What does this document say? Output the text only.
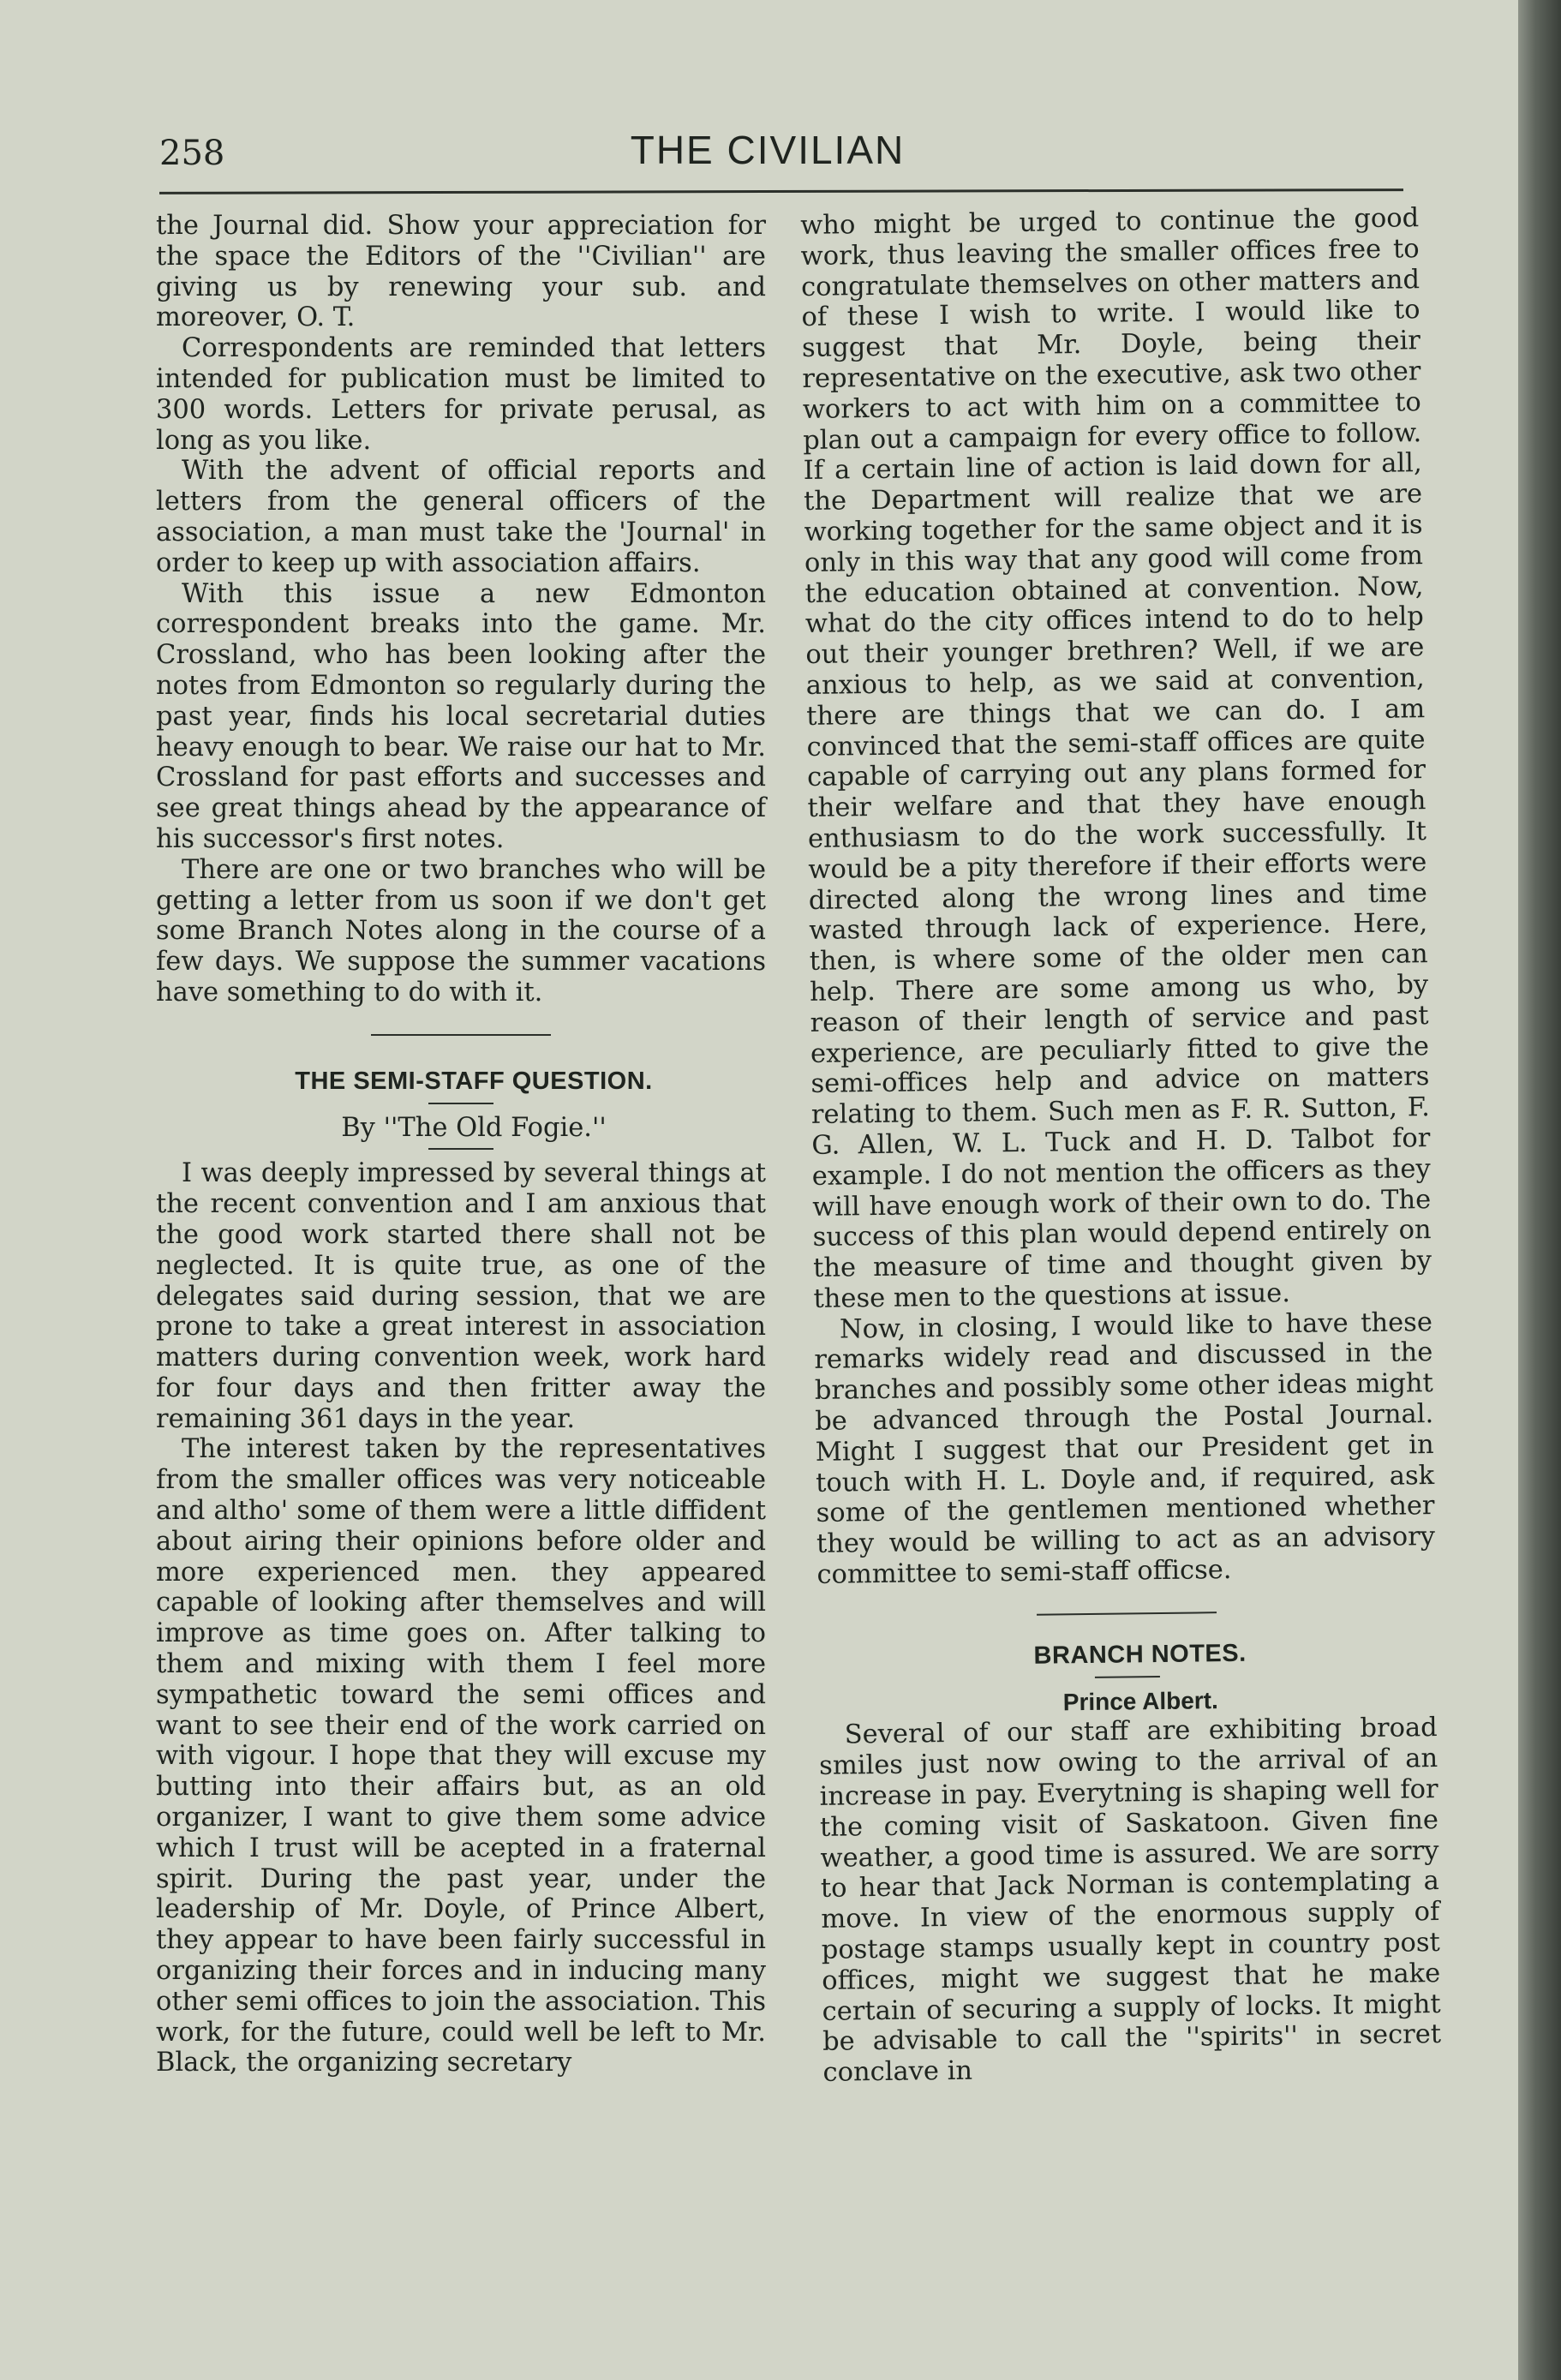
258	THE CIVILIAN

the Journal did. Show your appreciation for the space the Editors of the ''Civilian'' are giving us by renewing your sub. and moreover, O. T.

Correspondents are reminded that letters intended for publication must be limited to 300 words. Letters for private perusal, as long as you like.

With the advent of official reports and letters from the general officers of the association, a man must take the 'Journal' in order to keep up with association affairs.

With this issue a new Edmonton correspondent breaks into the game. Mr. Crossland, who has been looking after the notes from Edmonton so regularly during the past year, finds his local secretarial duties heavy enough to bear. We raise our hat to Mr. Crossland for past efforts and successes and see great things ahead by the appearance of his successor's first notes.

There are one or two branches who will be getting a letter from us soon if we don't get some Branch Notes along in the course of a few days. We suppose the summer vacations have something to do with it.

THE SEMI-STAFF QUESTION.

By ''The Old Fogie.''

I was deeply impressed by several things at the recent convention and I am anxious that the good work started there shall not be neglected. It is quite true, as one of the delegates said during session, that we are prone to take a great interest in association matters during convention week, work hard for four days and then fritter away the remaining 361 days in the year.

The interest taken by the representatives from the smaller offices was very noticeable and altho' some of them were a little diffident about airing their opinions before older and more experienced men. they appeared capable of looking after themselves and will improve as time goes on. After talking to them and mixing with them I feel more sympathetic toward the semi offices and want to see their end of the work carried on with vigour. I hope that they will excuse my butting into their affairs but, as an old organizer, I want to give them some advice which I trust will be acepted in a fraternal spirit. During the past year, under the leadership of Mr. Doyle, of Prince Albert, they appear to have been fairly successful in organizing their forces and in inducing many other semi offices to join the association. This work, for the future, could well be left to Mr. Black, the organizing secretary

who might be urged to continue the good work, thus leaving the smaller offices free to congratulate themselves on other matters and of these I wish to write. I would like to suggest that Mr. Doyle, being their representative on the executive, ask two other workers to act with him on a committee to plan out a campaign for every office to follow. If a certain line of action is laid down for all, the Department will realize that we are working together for the same object and it is only in this way that any good will come from the education obtained at convention. Now, what do the city offices intend to do to help out their younger brethren? Well, if we are anxious to help, as we said at convention, there are things that we can do. I am convinced that the semi-staff offices are quite capable of carrying out any plans formed for their welfare and that they have enough enthusiasm to do the work successfully. It would be a pity therefore if their efforts were directed along the wrong lines and time wasted through lack of experience. Here, then, is where some of the older men can help. There are some among us who, by reason of their length of service and past experience, are peculiarly fitted to give the semi-offices help and advice on matters relating to them. Such men as F. R. Sutton, F. G. Allen, W. L. Tuck and H. D. Talbot for example. I do not mention the officers as they will have enough work of their own to do. The success of this plan would depend entirely on the measure of time and thought given by these men to the questions at issue.

Now, in closing, I would like to have these remarks widely read and discussed in the branches and possibly some other ideas might be advanced through the Postal Journal. Might I suggest that our President get in touch with H. L. Doyle and, if required, ask some of the gentlemen mentioned whether they would be willing to act as an advisory committee to semi-staff officse.

BRANCH NOTES.

Prince Albert.

Several of our staff are exhibiting broad smiles just now owing to the arrival of an increase in pay. Everytning is shaping well for the coming visit of Saskatoon. Given fine weather, a good time is assured. We are sorry to hear that Jack Norman is contemplating a move. In view of the enormous supply of postage stamps usually kept in country post offices, might we suggest that he make certain of securing a supply of locks. It might be advisable to call the ''spirits'' in secret conclave in
